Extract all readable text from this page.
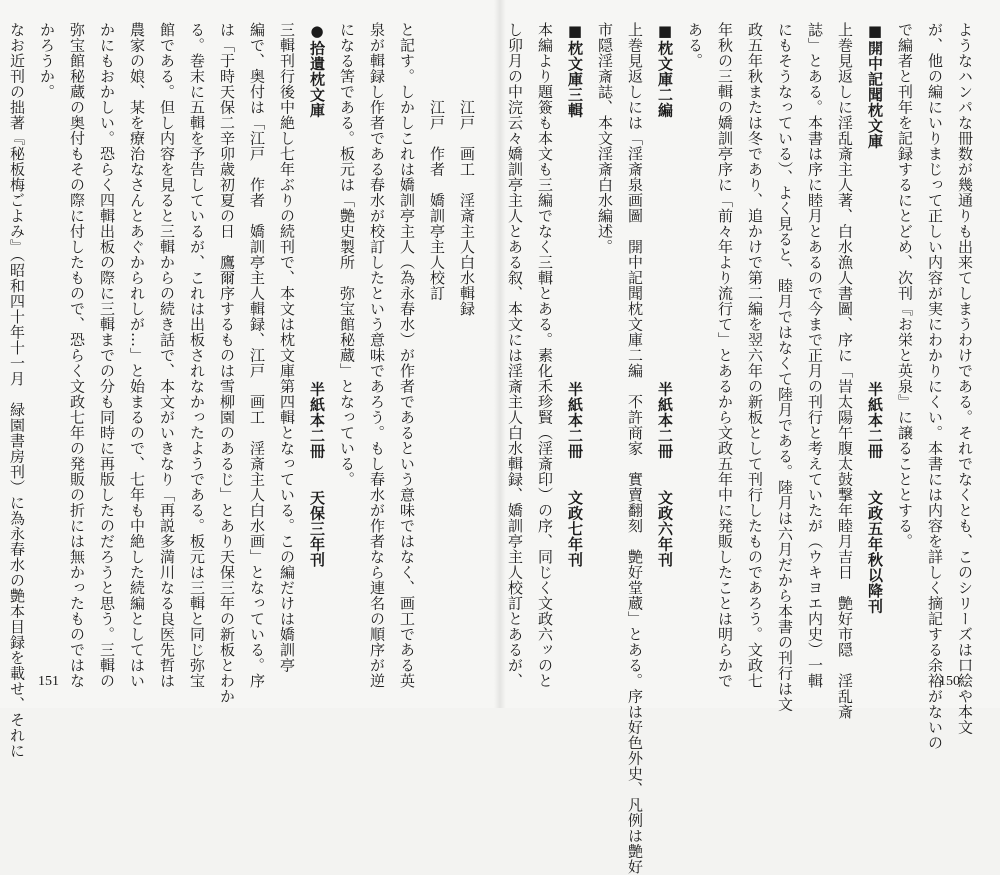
ようなハンパな冊数が幾通りも出来てしまうわけである。それでなくとも、このシリーズは口絵や本文
が、他の編にいりまじって正しい内容が実にわかりにくい。本書には内容を詳しく摘記する余裕がないの
で編者と刊年を記録するにとどめ、次刊『お栄と英泉』に譲ることとする。
■開中記聞枕文庫　　　　　　　　　　　　　　　半紙本二冊　　文政五年秋以降刊
上巻見返しに淫乱斎主人著、白水漁人書圖、序に「旹太陽午腹太鼓撃年睦月吉日　艶好市隠　淫乱斎
誌」とある。本書は序に睦月とあるので今まで正月の刊行と考えていたが（ウキヨエ内史）一輯
にもそうなっている）、よく見ると、睦月ではなくて陸月である。陸月は六月だから本書の刊行は文
政五年秋または冬であり、追かけで第二編を翌六年の新板として刊行したものであろう。文政七
年秋の三輯の嬌訓亭序に「前々年より流行て」とあるから文政五年中に発販したことは明らかで
ある。
■枕文庫二編　　　　　　　　　　　　　　　　　半紙本二冊　　文政六年刊
上巻見返しには「淫斎泉画圖　開中記聞枕文庫二編　不許商家　實賣翻刻　艶好堂蔵」とある。序は好色外史、凡例は艶好
市隠淫斎誌、本文淫斎白水編述。
■枕文庫三輯　　　　　　　　　　　　　　　　　半紙本二冊　　文政七年刊
本編より題簽も本文も三編でなく三輯とある。素化禾珍賢（淫斎印）の序、同じく文政六ッのと
し卯月の中浣云々嬌訓亭主人とある叙、本文には淫斎主人白水輯録、嬌訓亭主人校訂とあるが、	150
　　　　　江戸　画工　淫斎主人白水輯録
　　　　　江戸　作者　嬌訓亭主人校訂
と記す。しかしこれは嬌訓亭主人（為永春水）が作者であるという意味ではなく、画工である英
泉が輯録し作者である春水が校訂したという意味であろう。もし春水が作者なら連名の順序が逆
になる筈である。板元は「艶史製所　弥宝館秘蔵」となっている。
●拾遺枕文庫　　　　　　　　　　　　　　　　　半紙本二冊　　天保三年刊
三輯刊行後中絶し七年ぶりの続刊で、本文は枕文庫第四輯となっている。この編だけは嬌訓亭
編で、奥付は「江戸　作者　嬌訓亭主人輯録、江戸　画工　淫斎主人白水画」となっている。序
は「于時天保二辛卯歳初夏の日　鷹爾序するものは雪柳園のあるじ」とあり天保三年の新板とわか
る。巻末に五輯を予告しているが、これは出板されなかったようである。板元は三輯と同じ弥宝
館である。但し内容を見ると三輯からの続き話で、本文がいきなり「再説多満川なる良医先哲は
農家の娘、某を療治なさんとあぐかられしが…」と始まるので、七年も中絶した続編としてはい
かにもおかしい。恐らく四輯出板の際に三輯までの分も同時に再版したのだろうと思う。三輯の
弥宝館秘蔵の奥付もその際に付したもので、恐らく文政七年の発販の折には無かったものではな
かろうか。
なお近刊の拙著『秘板梅ごよみ』（昭和四十年十一月　緑園書房刊）に為永春水の艶本目録を載せ、それに 151
